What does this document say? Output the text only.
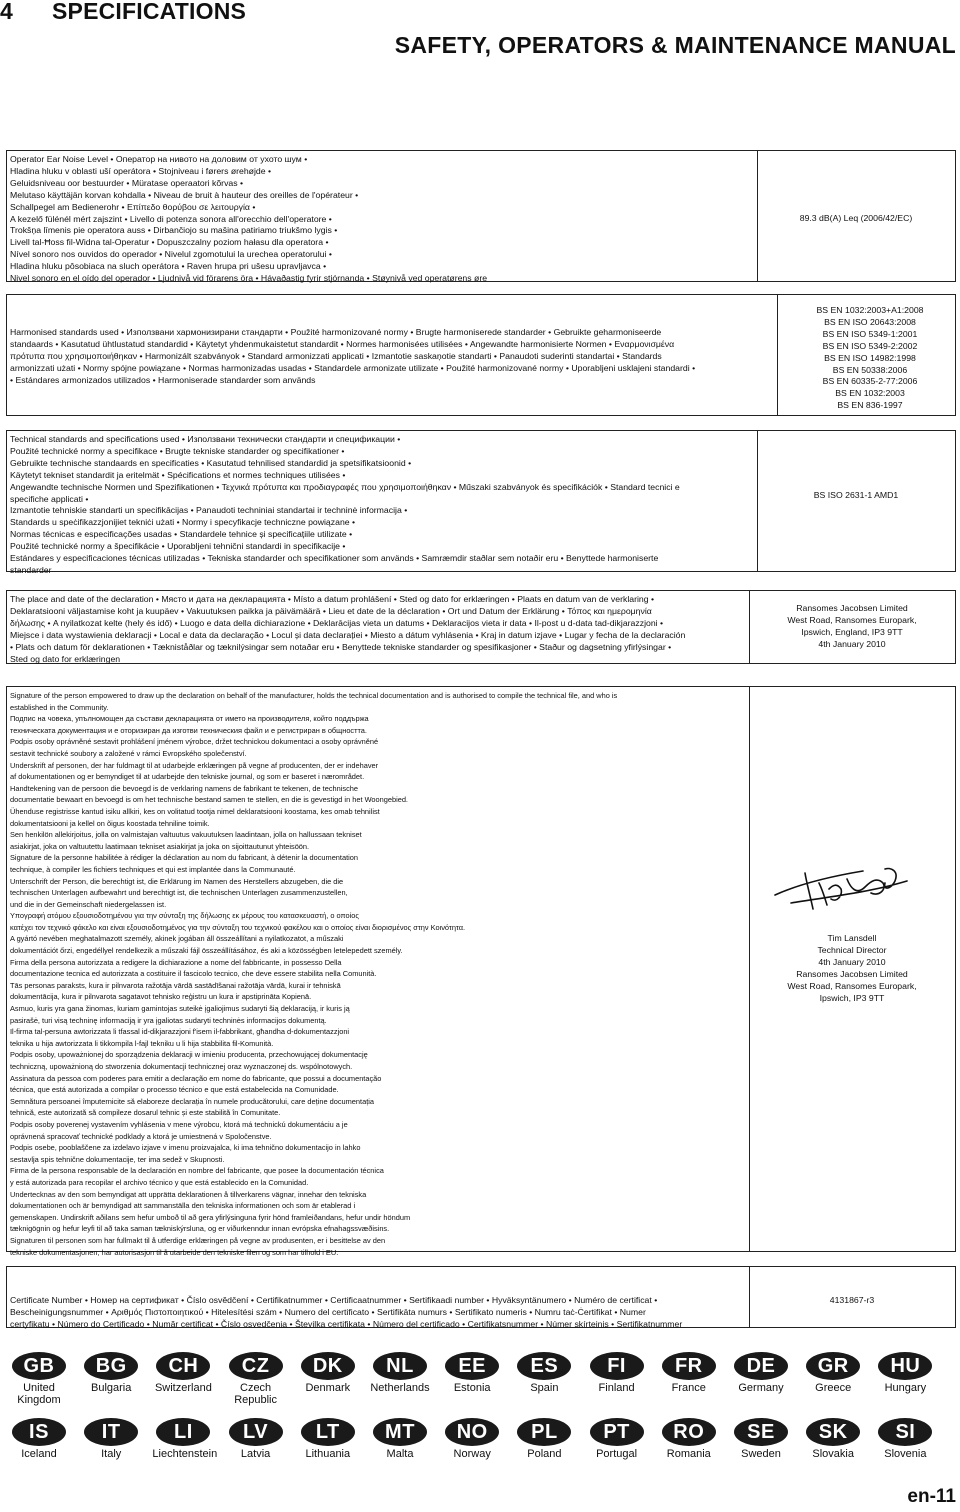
4 SPECIFICATIONS
SAFETY, OPERATORS & MAINTENANCE MANUAL
Operator Ear Noise Level • Оператор на нивото на доловим от ухото шум •
Hladina hluku v oblasti uší operátora • Stojniveau i førers ørehøjde •
Geluidsniveau oor bestuurder • Müratase operaatori kõrvas •
Melutaso käyttäjän korvan kohdalla • Niveau de bruit à hauteur des oreilles de l'opérateur •
Schallpegel am Bedienerohr • Επίπεδο θορύβου σε λειτουργία •
A kezelő fülénél mért zajszint • Livello di potenza sonora all'orecchio dell'operatore •
Trokšņa līmenis pie operatora auss • Dirbančiojo su mašina patiriamo triukšmo lygis •
Livell tal-Ħoss fil-Widna tal-Operatur • Dopuszczalny poziom hałasu dla operatora •
Nível sonoro nos ouvidos do operador • Nivelul zgomotului la urechea operatorului •
Hladina hluku pôsobiaca na sluch operátora • Raven hrupa pri ušesu upravljavca •
Nivel sonoro en el oído del operador • Ljudnivå vid förarens öra • Hávaðastig fyrir stjórnanda • Støynivå ved operatørens øre
89.3 dB(A) Leq (2006/42/EC)
Harmonised standards used • Използвани хармонизирани стандарти • Použité harmonizované normy • Brugte harmoniserede standarder • Gebruikte geharmoniseerde
standaards • Kasutatud ühtlustatud standardid • Käytetyt yhdenmukaistetut standardit • Normes harmonisées utilisées • Angewandte harmonisierte Normen • Εναρμονισμένα
πρότυπα που χρησιμοποιήθηκαν • Harmonizált szabványok • Standard armonizzati applicati • Izmantotie saskaņotie standarti • Panaudoti suderinti standartai • Standards
armonizzati użati • Normy spójne powiązane • Normas harmonizadas usadas • Standardele armonizate utilizate • Použité harmonizované normy • Uporabljeni usklajeni standardi •
• Estándares armonizados utilizados • Harmoniserade standarder som används
BS EN 1032:2003+A1:2008
BS EN ISO 20643:2008
BS EN ISO 5349-1:2001
BS EN ISO 5349-2:2002
BS EN ISO 14982:1998
BS EN 50338:2006
BS EN 60335-2-77:2006
BS EN 1032:2003
BS EN 836-1997
Technical standards and specifications used • Използвани технически стандарти и спецификации •
Použité technické normy a specifikace • Brugte tekniske standarder og specifikationer •
Gebruikte technische standaards en specificaties • Kasutatud tehnilised standardid ja spetsifikatsioonid •
Käytetyt tekniset standardit ja eritelmät • Spécifications et normes techniques utilisées •
Angewandte technische Normen und Spezifikationen • Τεχνικά πρότυπα και προδιαγραφές που χρησιμοποιήθηκαν • Műszaki szabványok és specifikációk • Standard tecnici e
specifiche applicati •
Izmantotie tehniskie standarti un specifikācijas • Panaudoti techniniai standartai ir techninė informacija •
Standards u speċifikazzjonijiet tekniċi użati • Normy i specyfikacje techniczne powiązane •
Normas técnicas e especificações usadas • Standardele tehnice și specificațiile utilizate •
Použité technické normy a špecifikácie • Uporabljeni tehnični standardi in specifikacije •
Estándares y especificaciones técnicas utilizadas • Tekniska standarder och specifikationer som används • Samræmdir staðlar sem notaðir eru • Benyttede harmoniserte
standarder
BS ISO 2631-1 AMD1
The place and date of the declaration • Място и дата на декларацията • Místo a datum prohlášení • Sted og dato for erklæringen • Plaats en datum van de verklaring •
Deklaratsiooni väljastamise koht ja kuupäev • Vakuutuksen paikka ja päivämäärä • Lieu et date de la déclaration • Ort und Datum der Erklärung • Τόπος και ημερομηνία
δήλωσης • A nyilatkozat kelte (hely és idő) • Luogo e data della dichiarazione • Deklarācijas vieta un datums • Deklaracijos vieta ir data • Il-post u d-data tad-dikjarazzjoni •
Miejsce i data wystawienia deklaracji • Local e data da declaração • Locul și data declarației • Miesto a dátum vyhlásenia • Kraj in datum izjave • Lugar y fecha de la declaración
• Plats och datum för deklarationen • Tækniståðlar og tæknilýsingar sem notaðar eru • Benyttede tekniske standarder og spesifikasjoner • Staður og dagsetning yfirlýsingar •
Sted og dato for erklæringen
Ransomes Jacobsen Limited
West Road, Ransomes Europark,
Ipswich, England, IP3 9TT
4th January 2010
Signature of the person empowered to draw up the declaration on behalf of the manufacturer, holds the technical documentation and is authorised to compile the technical file, and who is
established in the Community.
Подпис на човека, упълномощен да състави декларацията от името на производителя, който поддържа
техническата документация и е оторизиран да изготви техническия файл и е регистриран в общността.
Podpis osoby oprávněné sestavit prohlášení jménem výrobce, držet technickou dokumentaci a osoby oprávněné
sestavit technické soubory a založené v rámci Evropského společenství.
Underskrift af personen, der har fuldmagt til at udarbejde erklæringen på vegne af producenten, der er indehaver
af dokumentationen og er bemyndiget til at udarbejde den tekniske journal, og som er baseret i nærområdet.
Handtekening van de persoon die bevoegd is de verklaring namens de fabrikant te tekenen, de technische
documentatie bewaart en bevoegd is om het technische bestand samen te stellen, en die is gevestigd in het Woongebied.
Ühenduse registrisse kantud isiku allkiri, kes on volitatud tootja nimel deklaratsiooni koostama, kes omab tehnilist
dokumentatsiooni ja kellel on õigus koostada tehniline toimik.
Sen henkilön allekirjoitus, jolla on valmistajan valtuutus vakuutuksen laadintaan, jolla on hallussaan tekniset
asiakirjat, joka on valtuutettu laatimaan tekniset asiakirjat ja joka on sijoittautunut yhteisöön.
Signature de la personne habilitée à rédiger la déclaration au nom du fabricant, à détenir la documentation
technique, à compiler les fichiers techniques et qui est implantée dans la Communauté.
Unterschrift der Person, die berechtigt ist, die Erklärung im Namen des Herstellers abzugeben, die die
technischen Unterlagen aufbewahrt und berechtigt ist, die technischen Unterlagen zusammenzustellen,
und die in der Gemeinschaft niedergelassen ist.
Υπογραφή ατόμου εξουσιοδοτημένου για την σύνταξη της δήλωσης εκ μέρους του κατασκευαστή, ο οποίος
κατέχει τον τεχνικό φάκελο και είναι εξουσιοδοτημένος για την σύνταξη του τεχνικού φακέλου και ο οποίος είναι διορισμένος στην Κοινότητα.
A gyártó nevében meghatalmazott személy, akinek jogában áll összeállítani a nyilatkozatot, a műszaki
dokumentációt őrzi, engedéllyel rendelkezik a műszaki fájl összeállításához, és aki a közösségben letelepedett személy.
Firma della persona autorizzata a redigere la dichiarazione a nome del fabbricante, in possesso Della
documentazione tecnica ed autorizzata a costituire il fascicolo tecnico, che deve essere stabilita nella Comunità.
Tās personas paraksts, kura ir pilnvarota ražotāja vārdā sastādīšanai ražotāja vārdā, kurai ir tehniskā
dokumentācija, kura ir pilnvarota sagatavot tehnisko reģistru un kura ir apstiprināta Kopienā.
Asmuo, kuris yra gana žinomas, kuriam gamintojas suteikė įgaliojimus sudaryti šią deklaraciją, ir kuris ją
pasirašė, turi visą techninę informaciją ir yra įgaliotas sudaryti techninės informacijos dokumentą.
Il-firma tal-persuna awtorizzata li tfassal id-dikjarazzjoni f'isem il-fabbrikant, għandha d-dokumentazzjoni
teknika u hija awtorizzata li tikkompila l-fajl tekniku u li hija stabbilita fil-Komunità.
Podpis osoby, upoważnionej do sporządzenia deklaracji w imieniu producenta, przechowującej dokumentację
techniczną, upoważnioną do stworzenia dokumentacji technicznej oraz wyznaczonej ds. wspólnotowych.
Assinatura da pessoa com poderes para emitir a declaração em nome do fabricante, que possui a documentação
técnica, que está autorizada a compilar o processo técnico e que está estabelecida na Comunidade.
Semnătura persoanei împuternicite să elaboreze declarația în numele producătorului, care deține documentația
tehnică, este autorizată să compileze dosarul tehnic și este stabilită în Comunitate.
Podpis osoby poverenej vystavením vyhlásenia v mene výrobcu, ktorá má technickú dokumentáciu a je
oprávnená spracovať technické podklady a ktorá je umiestnená v Spoločenstve.
Podpis osebe, pooblaščene za izdelavo izjave v imenu proizvajalca, ki ima tehnično dokumentacijo in lahko
sestavlja spis tehnične dokumentacije, ter ima sedež v Skupnosti.
Firma de la persona responsable de la declaración en nombre del fabricante, que posee la documentación técnica
y está autorizada para recopilar el archivo técnico y que está establecido en la Comunidad.
Undertecknas av den som bemyndigat att upprätta deklarationen å tillverkarens vägnar, innehar den tekniska
dokumentationen och är bemyndigad att sammanställa den tekniska informationen och som är etablerad i
gemenskapen. Undirskrift aðilans sem hefur umboð til að gera yfirlýsinguna fyrir hönd framleiðandans, hefur undir höndum
tæknigögnin og hefur leyfi til að taka saman tækniskýrsluna, og er viðurkenndur innan evrópska efnahagssvæðisins.
Signaturen til personen som har fullmakt til å utferdige erklæringen på vegne av produsenten, er i besittelse av den
tekniske dokumentasjonen, har autorisasjon til å utarbeide den tekniske filen og som har tilhold i EU.
Tim Lansdell
Technical Director
4th January 2010
Ransomes Jacobsen Limited
West Road, Ransomes Europark,
Ipswich, IP3 9TT
Certificate Number • Номер на сертификат • Číslo osvědčení • Certifikatnummer • Certificaatnummer • Sertifikaadi number • Hyväksyntänumero • Numéro de certificat •
Bescheinigungsnummer • Αριθμός Πιστοποιητικού • Hitelesítési szám • Numero del certificato • Sertifikāta numurs • Sertifikato numeris • Numru taċ-Ċertifikat • Numer
certyfikatu • Número do Certificado • Număr certificat • Číslo osvedčenia • Številka certifikata • Número del certificado • Certifikatsnummer • Númer skírteinis • Sertifikatnummer
4131867-r3
GB
United Kingdom
BG
Bulgaria
CH
Switzerland
CZ
Czech Republic
DK
Denmark
NL
Netherlands
EE
Estonia
ES
Spain
FI
Finland
FR
France
DE
Germany
GR
Greece
HU
Hungary
IS
Iceland
IT
Italy
LI
Liechtenstein
LV
Latvia
LT
Lithuania
MT
Malta
NO
Norway
PL
Poland
PT
Portugal
RO
Romania
SE
Sweden
SK
Slovakia
SI
Slovenia
en-11
